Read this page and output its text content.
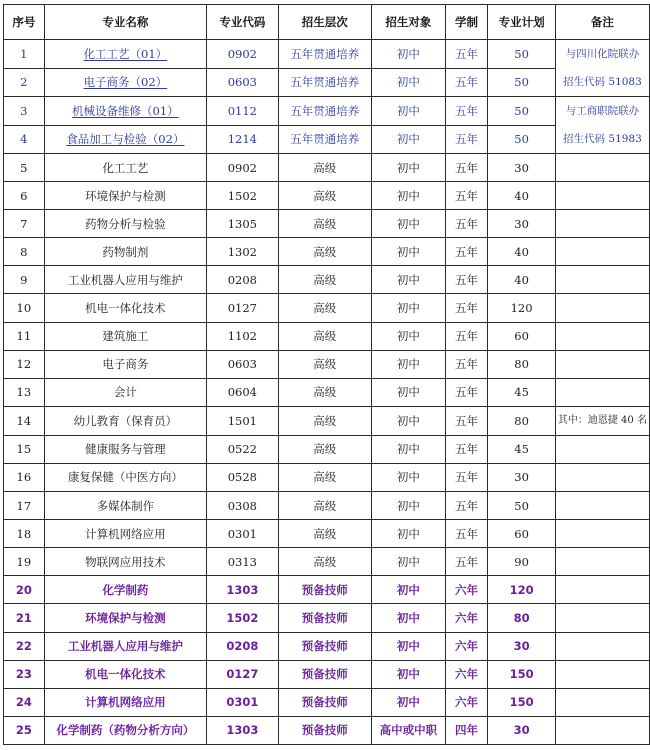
序号	专业名称	专业代码	招生层次	招生对象	学制	专业计划	备注
1	化工工艺（01）	0902	五年贯通培养	初中	五年	50	与四川化院联办
招生代码 51083

2	电子商务（02）	0603	五年贯通培养	初中	五年	50	
3	机械设备维修（01）	0112	五年贯通培养	初中	五年	50	与工商职院联办
招生代码 51983

4	食品加工与检验（02）	1214	五年贯通培养	初中	五年	50	
5	化工工艺	0902	高级	初中	五年	30	
6	环境保护与检测	1502	高级	初中	五年	40	
7	药物分析与检验	1305	高级	初中	五年	30	
8	药物制剂	1302	高级	初中	五年	40	
9	工业机器人应用与维护	0208	高级	初中	五年	40	
10	机电一体化技术	0127	高级	初中	五年	120	
11	建筑施工	1102	高级	初中	五年	60	
12	电子商务	0603	高级	初中	五年	80	
13	会计	0604	高级	初中	五年	45	
14	幼儿教育（保育员）	1501	高级	初中	五年	80	其中：迪恩捷 40 名
15	健康服务与管理	0522	高级	初中	五年	45	
16	康复保健（中医方向）	0528	高级	初中	五年	30	
17	多媒体制作	0308	高级	初中	五年	50	
18	计算机网络应用	0301	高级	初中	五年	60	
19	物联网应用技术	0313	高级	初中	五年	90	
20	化学制药	1303	预备技师	初中	六年	120	
21	环境保护与检测	1502	预备技师	初中	六年	80	
22	工业机器人应用与维护	0208	预备技师	初中	六年	30	
23	机电一体化技术	0127	预备技师	初中	六年	150	
24	计算机网络应用	0301	预备技师	初中	六年	150	
25	化学制药（药物分析方向）	1303	预备技师	高中或中职	四年	30	
